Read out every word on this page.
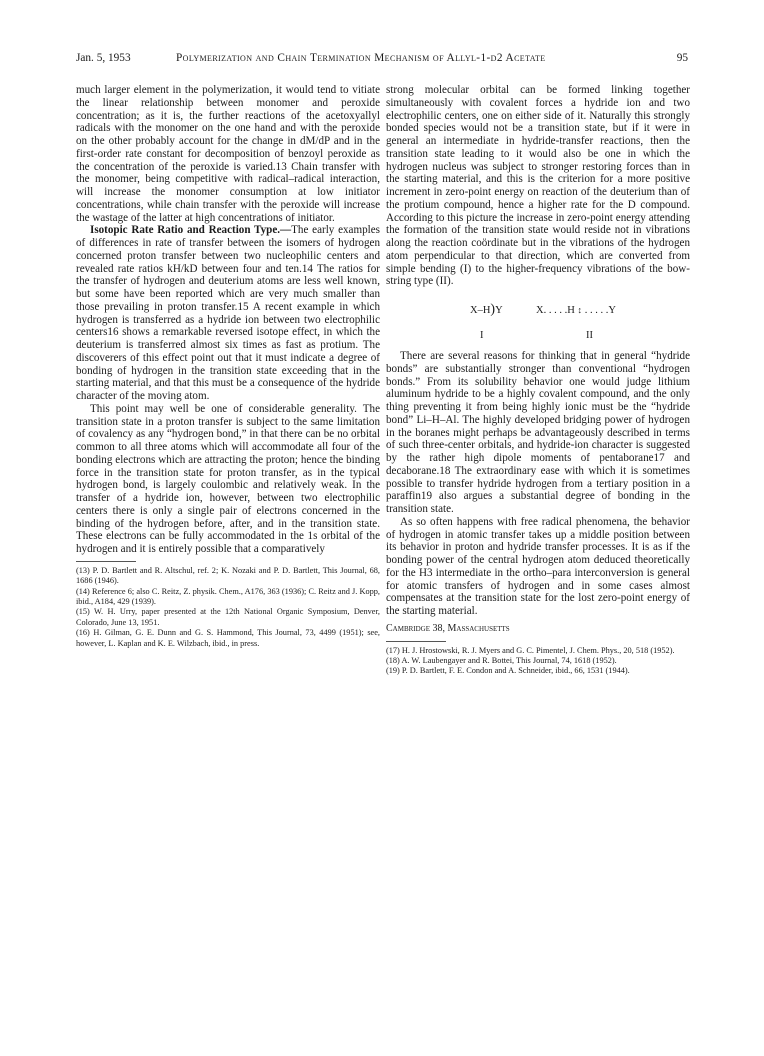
Jan. 5, 1953	Polymerization and Chain Termination Mechanism of Allyl-1-d2 Acetate	95

much larger element in the polymerization, it would tend to vitiate the linear relationship between monomer and peroxide concentration; as it is, the further reactions of the acetoxyallyl radicals with the monomer on the one hand and with the peroxide on the other probably account for the change in dM/dP and in the first-order rate constant for decomposition of benzoyl peroxide as the concentration of the peroxide is varied.13 Chain transfer with the monomer, being competitive with radical–radical interaction, will increase the monomer consumption at low initiator concentrations, while chain transfer with the peroxide will increase the wastage of the latter at high concentrations of initiator.

Isotopic Rate Ratio and Reaction Type.—The early examples of differences in rate of transfer between the isomers of hydrogen concerned proton transfer between two nucleophilic centers and revealed rate ratios kH/kD between four and ten.14 The ratios for the transfer of hydrogen and deuterium atoms are less well known, but some have been reported which are very much smaller than those prevailing in proton transfer.15 A recent example in which hydrogen is transferred as a hydride ion between two electrophilic centers16 shows a remarkable reversed isotope effect, in which the deuterium is transferred almost six times as fast as protium. The discoverers of this effect point out that it must indicate a degree of bonding of hydrogen in the transition state exceeding that in the starting material, and that this must be a consequence of the hydride character of the moving atom.

This point may well be one of considerable generality. The transition state in a proton transfer is subject to the same limitation of covalency as any “hydrogen bond,” in that there can be no orbital common to all three atoms which will accommodate all four of the bonding electrons which are attracting the proton; hence the binding force in the transition state for proton transfer, as in the typical hydrogen bond, is largely coulombic and relatively weak. In the transfer of a hydride ion, however, between two electrophilic centers there is only a single pair of electrons concerned in the binding of the hydrogen before, after, and in the transition state. These electrons can be fully accommodated in the 1s orbital of the hydrogen and it is entirely possible that a comparatively

(13) P. D. Bartlett and R. Altschul, ref. 2; K. Nozaki and P. D. Bartlett, This Journal, 68, 1686 (1946).

(14) Reference 6; also C. Reitz, Z. physik. Chem., A176, 363 (1936); C. Reitz and J. Kopp, ibid., A184, 429 (1939).

(15) W. H. Urry, paper presented at the 12th National Organic Symposium, Denver, Colorado, June 13, 1951.

(16) H. Gilman, G. E. Dunn and G. S. Hammond, This Journal, 73, 4499 (1951); see, however, L. Kaplan and K. E. Wilzbach, ibid., in press.

strong molecular orbital can be formed linking together simultaneously with covalent forces a hydride ion and two electrophilic centers, one on either side of it. Naturally this strongly bonded species would not be a transition state, but if it were in general an intermediate in hydride-transfer reactions, then the transition state leading to it would also be one in which the hydrogen nucleus was subject to stronger restoring forces than in the starting material, and this is the criterion for a more positive increment in zero-point energy on reaction of the deuterium than of the protium compound, hence a higher rate for the D compound. According to this picture the increase in zero-point energy attending the formation of the transition state would reside not in vibrations along the reaction coördinate but in the vibrations of the hydrogen atom perpendicular to that direction, which are converted from simple bending (I) to the higher-frequency vibrations of the bow-string type (II).

X–H)Y	X. . . . .H ↕ . . . . .Y
I	II

There are several reasons for thinking that in general “hydride bonds” are substantially stronger than conventional “hydrogen bonds.” From its solubility behavior one would judge lithium aluminum hydride to be a highly covalent compound, and the only thing preventing it from being highly ionic must be the “hydride bond” Li–H–Al. The highly developed bridging power of hydrogen in the boranes might perhaps be advantageously described in terms of such three-center orbitals, and hydride-ion character is suggested by the rather high dipole moments of pentaborane17 and decaborane.18 The extraordinary ease with which it is sometimes possible to transfer hydride hydrogen from a tertiary position in a paraffin19 also argues a substantial degree of bonding in the transition state.

As so often happens with free radical phenomena, the behavior of hydrogen in atomic transfer takes up a middle position between its behavior in proton and hydride transfer processes. It is as if the bonding power of the central hydrogen atom deduced theoretically for the H3 intermediate in the ortho–para interconversion is general for atomic transfers of hydrogen and in some cases almost compensates at the transition state for the lost zero-point energy of the starting material.

Cambridge 38, Massachusetts

(17) H. J. Hrostowski, R. J. Myers and G. C. Pimentel, J. Chem. Phys., 20, 518 (1952).

(18) A. W. Laubengayer and R. Bottei, This Journal, 74, 1618 (1952).

(19) P. D. Bartlett, F. E. Condon and A. Schneider, ibid., 66, 1531 (1944).
